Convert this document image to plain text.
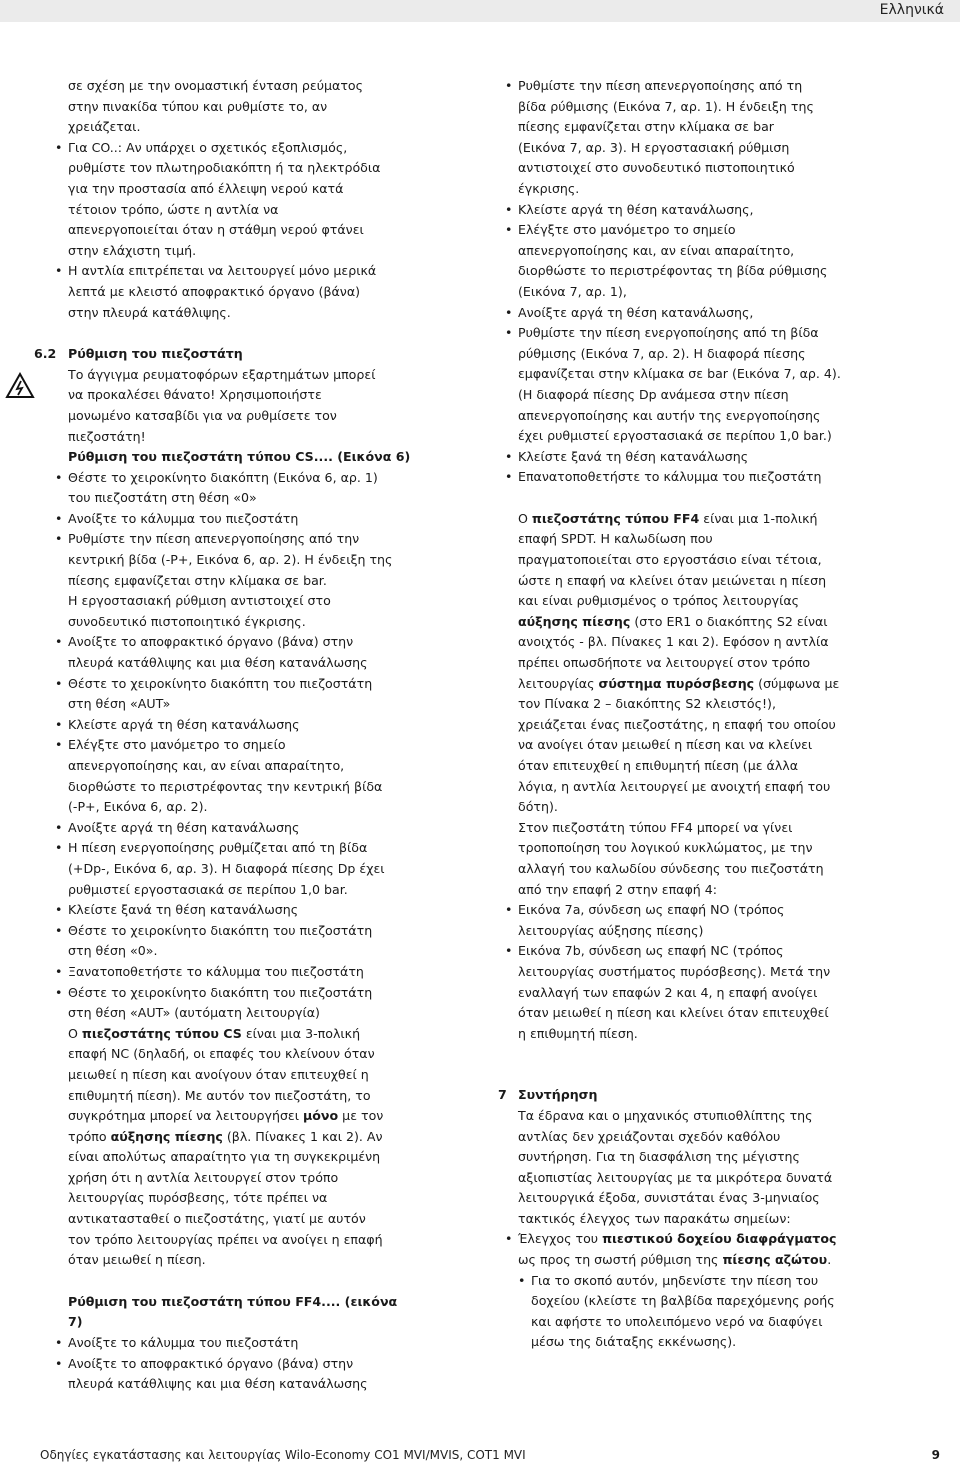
Ελληνικά

σε σχέση με την ονομαστική ένταση ρεύματος

στην πινακίδα τύπου και ρυθμίστε το, αν

χρειάζεται.

• Για CO..: Αν υπάρχει ο σχετικός εξοπλισμός,

ρυθμίστε τον πλωτηροδιακόπτη ή τα ηλεκτρόδια

για την προστασία από έλλειψη νερού κατά

τέτοιον τρόπο, ώστε η αντλία να

απενεργοποιείται όταν η στάθμη νερού φτάνει

στην ελάχιστη τιμή.

• Η αντλία επιτρέπεται να λειτουργεί μόνο μερικά

λεπτά με κλειστό αποφρακτικό όργανο (βάνα)

στην πλευρά κατάθλιψης.

6.2 Ρύθμιση του πιεζοστάτη

Το άγγιγμα ρευματοφόρων εξαρτημάτων μπορεί

να προκαλέσει θάνατο! Χρησιμοποιήστε

μονωμένο κατσαβίδι για να ρυθμίσετε τον

πιεζοστάτη!

Ρύθμιση του πιεζοστάτη τύπου CS.... (Εικόνα 6)

• Θέστε το χειροκίνητο διακόπτη (Εικόνα 6, αρ. 1)

του πιεζοστάτη στη θέση «0»

• Ανοίξτε το κάλυμμα του πιεζοστάτη

• Ρυθμίστε την πίεση απενεργοποίησης από την

κεντρική βίδα (-P+, Εικόνα 6, αρ. 2). Η ένδειξη της

πίεσης εμφανίζεται στην κλίμακα σε bar.

Η εργοστασιακή ρύθμιση αντιστοιχεί στο

συνοδευτικό πιστοποιητικό έγκρισης.

• Ανοίξτε το αποφρακτικό όργανο (βάνα) στην

πλευρά κατάθλιψης και μια θέση κατανάλωσης

• Θέστε το χειροκίνητο διακόπτη του πιεζοστάτη

στη θέση «AUT»

• Κλείστε αργά τη θέση κατανάλωσης

• Ελέγξτε στο μανόμετρο το σημείο

απενεργοποίησης και, αν είναι απαραίτητο,

διορθώστε το περιστρέφοντας την κεντρική βίδα

(-P+, Εικόνα 6, αρ. 2).

• Ανοίξτε αργά τη θέση κατανάλωσης

• Η πίεση ενεργοποίησης ρυθμίζεται από τη βίδα

(+Dp-, Εικόνα 6, αρ. 3). Η διαφορά πίεσης Dp έχει

ρυθμιστεί εργοστασιακά σε περίπου 1,0 bar.

• Κλείστε ξανά τη θέση κατανάλωσης

• Θέστε το χειροκίνητο διακόπτη του πιεζοστάτη

στη θέση «0».

• Ξανατοποθετήστε το κάλυμμα του πιεζοστάτη

• Θέστε το χειροκίνητο διακόπτη του πιεζοστάτη

στη θέση «AUT» (αυτόματη λειτουργία)

Ο πιεζοστάτης τύπου CS είναι μια 3-πολική

επαφή NC (δηλαδή, οι επαφές του κλείνουν όταν

μειωθεί η πίεση και ανοίγουν όταν επιτευχθεί η

επιθυμητή πίεση). Με αυτόν τον πιεζοστάτη, το

συγκρότημα μπορεί να λειτουργήσει μόνο με τον

τρόπο αύξησης πίεσης (βλ. Πίνακες 1 και 2). Αν

είναι απολύτως απαραίτητο για τη συγκεκριμένη

χρήση ότι η αντλία λειτουργεί στον τρόπο

λειτουργίας πυρόσβεσης, τότε πρέπει να

αντικατασταθεί ο πιεζοστάτης, γιατί με αυτόν

τον τρόπο λειτουργίας πρέπει να ανοίγει η επαφή

όταν μειωθεί η πίεση.

Ρύθμιση του πιεζοστάτη τύπου FF4.... (εικόνα 7)

• Ανοίξτε το κάλυμμα του πιεζοστάτη

• Ανοίξτε το αποφρακτικό όργανο (βάνα) στην

πλευρά κατάθλιψης και μια θέση κατανάλωσης

• Ρυθμίστε την πίεση απενεργοποίησης από τη

βίδα ρύθμισης (Εικόνα 7, αρ. 1). Η ένδειξη της

πίεσης εμφανίζεται στην κλίμακα σε bar

(Εικόνα 7, αρ. 3). Η εργοστασιακή ρύθμιση

αντιστοιχεί στο συνοδευτικό πιστοποιητικό

έγκρισης.

• Κλείστε αργά τη θέση κατανάλωσης,

• Ελέγξτε στο μανόμετρο το σημείο

απενεργοποίησης και, αν είναι απαραίτητο,

διορθώστε το περιστρέφοντας τη βίδα ρύθμισης

(Εικόνα 7, αρ. 1),

• Ανοίξτε αργά τη θέση κατανάλωσης,

• Ρυθμίστε την πίεση ενεργοποίησης από τη βίδα

ρύθμισης (Εικόνα 7, αρ. 2). Η διαφορά πίεσης

εμφανίζεται στην κλίμακα σε bar (Εικόνα 7, αρ. 4).

(Η διαφορά πίεσης Dp ανάμεσα στην πίεση

απενεργοποίησης και αυτήν της ενεργοποίησης

έχει ρυθμιστεί εργοστασιακά σε περίπου 1,0 bar.)

• Κλείστε ξανά τη θέση κατανάλωσης

• Επανατοποθετήστε το κάλυμμα του πιεζοστάτη

Ο πιεζοστάτης τύπου FF4 είναι μια 1-πολική

επαφή SPDT. Η καλωδίωση που

πραγματοποιείται στο εργοστάσιο είναι τέτοια,

ώστε η επαφή να κλείνει όταν μειώνεται η πίεση

και είναι ρυθμισμένος ο τρόπος λειτουργίας

αύξησης πίεσης (στο ER1 ο διακόπτης S2 είναι

ανοιχτός - βλ. Πίνακες 1 και 2). Εφόσον η αντλία

πρέπει οπωσδήποτε να λειτουργεί στον τρόπο

λειτουργίας σύστημα πυρόσβεσης (σύμφωνα με

τον Πίνακα 2 – διακόπτης S2 κλειστός!),

χρειάζεται ένας πιεζοστάτης, η επαφή του οποίου

να ανοίγει όταν μειωθεί η πίεση και να κλείνει

όταν επιτευχθεί η επιθυμητή πίεση (με άλλα

λόγια, η αντλία λειτουργεί με ανοιχτή επαφή του

δότη).

Στον πιεζοστάτη τύπου FF4 μπορεί να γίνει

τροποποίηση του λογικού κυκλώματος, με την

αλλαγή του καλωδίου σύνδεσης του πιεζοστάτη

από την επαφή 2 στην επαφή 4:

• Εικόνα 7a, σύνδεση ως επαφή NO (τρόπος

λειτουργίας αύξησης πίεσης)

• Εικόνα 7b, σύνδεση ως επαφή NC (τρόπος

λειτουργίας συστήματος πυρόσβεσης). Μετά την

εναλλαγή των επαφών 2 και 4, η επαφή ανοίγει

όταν μειωθεί η πίεση και κλείνει όταν επιτευχθεί

η επιθυμητή πίεση.

7 Συντήρηση

Τα έδρανα και ο μηχανικός στυπιοθλίπτης της

αντλίας δεν χρειάζονται σχεδόν καθόλου

συντήρηση. Για τη διασφάλιση της μέγιστης

αξιοπιστίας λειτουργίας με τα μικρότερα δυνατά

λειτουργικά έξοδα, συνιστάται ένας 3-μηνιαίος

τακτικός έλεγχος των παρακάτω σημείων:

• Έλεγχος του πιεστικού δοχείου διαφράγματος

ως προς τη σωστή ρύθμιση της πίεσης αζώτου.

• Για το σκοπό αυτόν, μηδενίστε την πίεση του

δοχείου (κλείστε τη βαλβίδα παρεχόμενης ροής

και αφήστε το υπολειπόμενο νερό να διαφύγει

μέσω της διάταξης εκκένωσης).

Οδηγίες εγκατάστασης και λειτουργίας Wilo-Economy CO1 MVI/MVIS, COT1 MVI	9
